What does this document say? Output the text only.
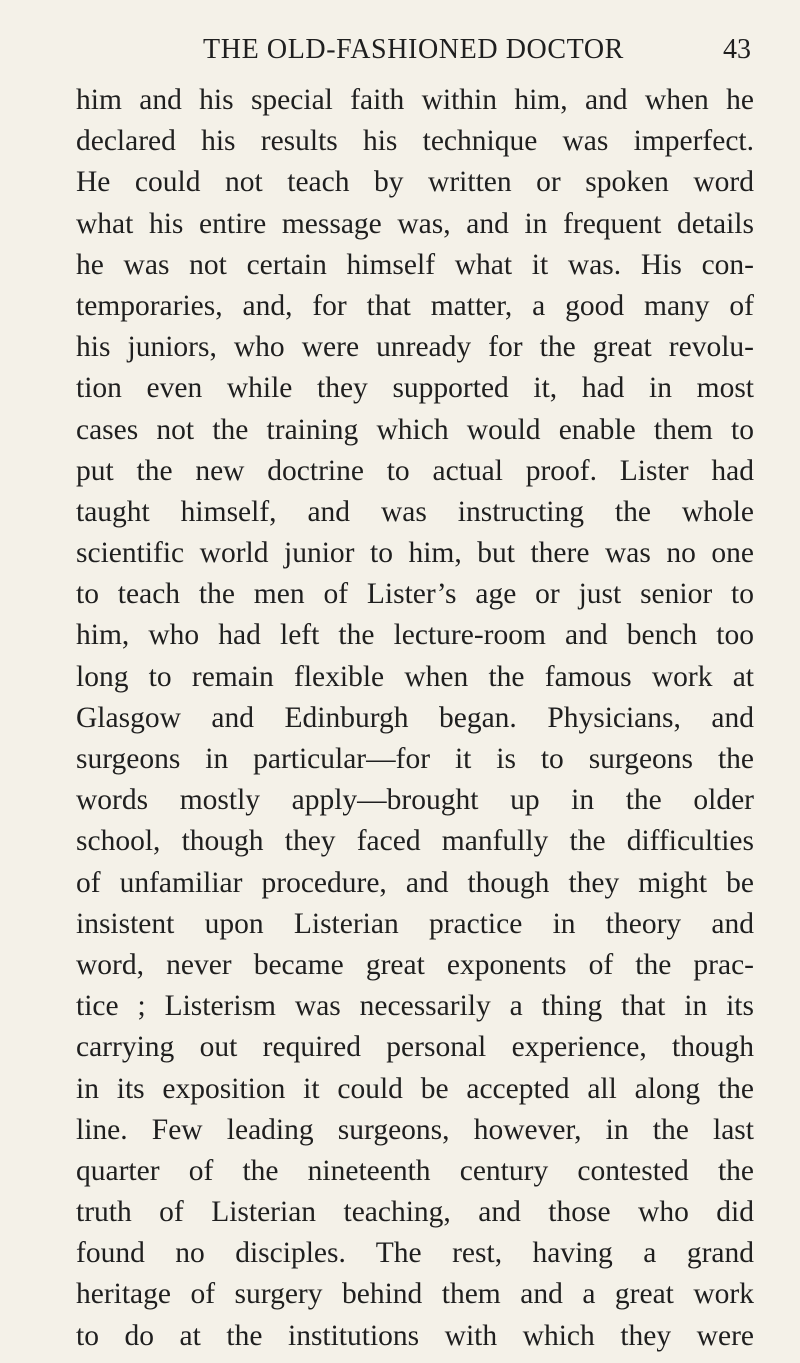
THE OLD-FASHIONED DOCTOR	43
him and his special faith within him, and when he
declared his results his technique was imperfect.
He could not teach by written or spoken word
what his entire message was, and in frequent details
he was not certain himself what it was. His con-
temporaries, and, for that matter, a good many of
his juniors, who were unready for the great revolu-
tion even while they supported it, had in most
cases not the training which would enable them to
put the new doctrine to actual proof. Lister had
taught himself, and was instructing the whole
scientific world junior to him, but there was no one
to teach the men of Lister’s age or just senior to
him, who had left the lecture-room and bench too
long to remain flexible when the famous work at
Glasgow and Edinburgh began. Physicians, and
surgeons in particular—for it is to surgeons the
words mostly apply—brought up in the older
school, though they faced manfully the difficulties
of unfamiliar procedure, and though they might be
insistent upon Listerian practice in theory and
word, never became great exponents of the prac-
tice ; Listerism was necessarily a thing that in its
carrying out required personal experience, though
in its exposition it could be accepted all along the
line. Few leading surgeons, however, in the last
quarter of the nineteenth century contested the
truth of Listerian teaching, and those who did
found no disciples. The rest, having a grand
heritage of surgery behind them and a great work
to do at the institutions with which they were
